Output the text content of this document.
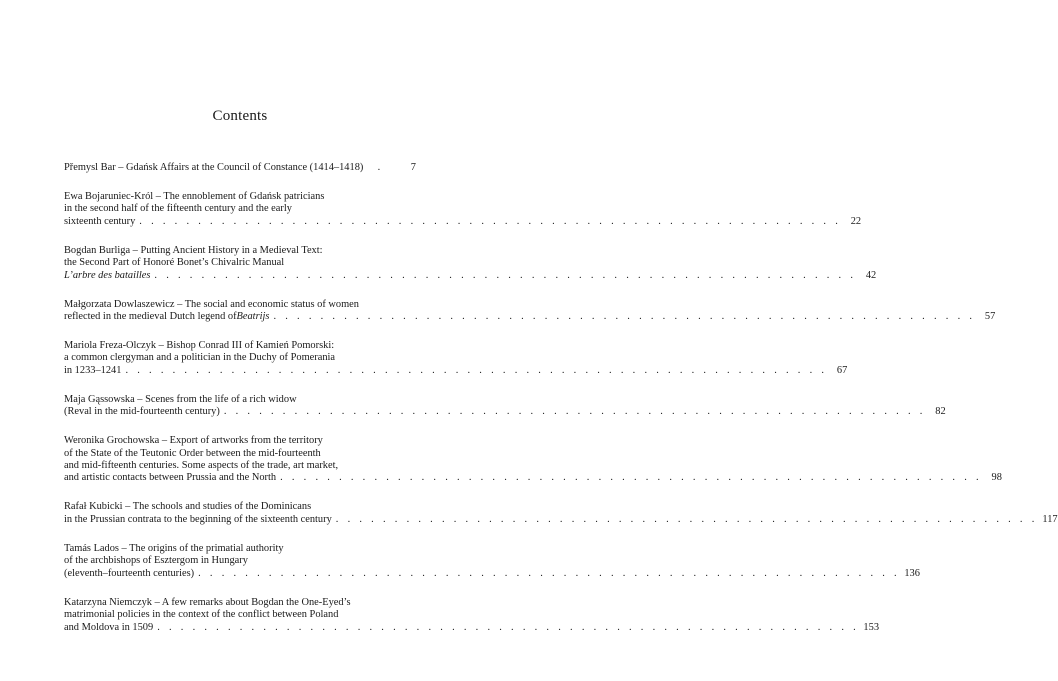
Contents
Přemysl Bar – Gdańsk Affairs at the Council of Constance (1414–1418)	.	7
Ewa Bojaruniec-Król – The ennoblement of Gdańsk patricians
in the second half of the fifteenth century and the early
sixteenth century . . . . . . . . . . . . . . . . . . . . . . . . . . . . . . . . . . . . . . . . . . . . . . . . . . . . . . . . . . . . 22
Bogdan Burliga – Putting Ancient History in a Medieval Text:
the Second Part of Honoré Bonet’s Chivalric Manual
L’arbre des batailles . . . . . . . . . . . . . . . . . . . . . . . . . . . . . . . . . . . . . . . . . . . . . . . . . . . . . . . . . . . . 42
Małgorzata Dowlaszewicz – The social and economic status of women
reflected in the medieval Dutch legend of Beatrijs . . . . . . . . . . . . . . . . . . . . . . . . . . . . . . . . . . . . . . . . . . . . . . . . . . . . . . . . . . . . 57
Mariola Freza-Olczyk – Bishop Conrad III of Kamień Pomorski:
a common clergyman and a politician in the Duchy of Pomerania
in 1233–1241 . . . . . . . . . . . . . . . . . . . . . . . . . . . . . . . . . . . . . . . . . . . . . . . . . . . . . . . . . . . . 67
Maja Gąssowska – Scenes from the life of a rich widow
(Reval in the mid-fourteenth century) . . . . . . . . . . . . . . . . . . . . . . . . . . . . . . . . . . . . . . . . . . . . . . . . . . . . . . . . . . . . 82
Weronika Grochowska – Export of artworks from the territory
of the State of the Teutonic Order between the mid-fourteenth
and mid-fifteenth centuries. Some aspects of the trade, art market,
and artistic contacts between Prussia and the North . . . . . . . . . . . . . . . . . . . . . . . . . . . . . . . . . . . . . . . . . . . . . . . . . . . . . . . . . . . . 98
Rafał Kubicki – The schools and studies of the Dominicans
in the Prussian contrata to the beginning of the sixteenth century . . . . . . . . . . . . . . . . . . . . . . . . . . . . . . . . . . . . . . . . . . . . . . . . . . . . . . . . . . . . 117
Tamás Lados – The origins of the primatial authority
of the archbishops of Esztergom in Hungary
(eleventh–fourteenth centuries) . . . . . . . . . . . . . . . . . . . . . . . . . . . . . . . . . . . . . . . . . . . . . . . . . . . . . . . . . . . . 136
Katarzyna Niemczyk – A few remarks about Bogdan the One-Eyed’s
matrimonial policies in the context of the conflict between Poland
and Moldova in 1509 . . . . . . . . . . . . . . . . . . . . . . . . . . . . . . . . . . . . . . . . . . . . . . . . . . . . . . . . . . . . 153
